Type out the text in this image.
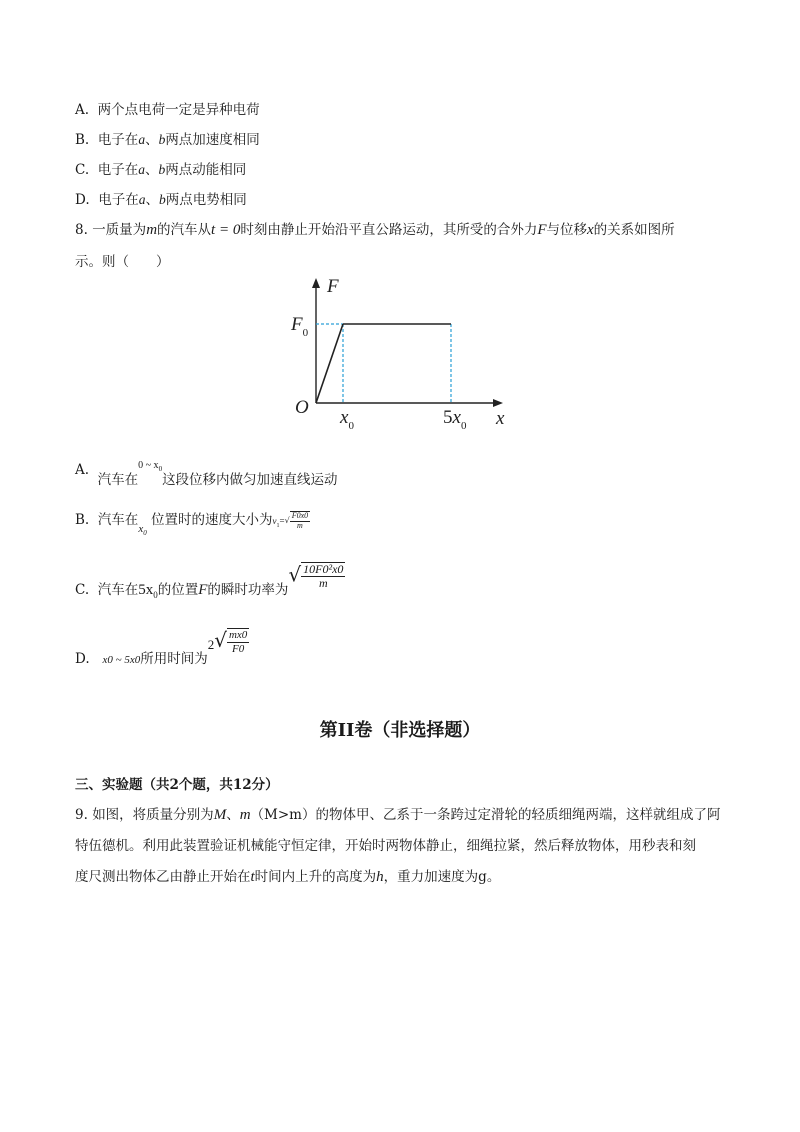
A. 两个点电荷一定是异种电荷
B. 电子在a、b两点加速度相同
C. 电子在a、b两点动能相同
D. 电子在a、b两点电势相同
8. 一质量为m的汽车从t = 0时刻由静止开始沿平直公路运动，其所受的合外力F与位移x的关系如图所
示。则（　　）
F
x
O
$F_0$
$x_0$	$5x_0$
A.  汽车在$^{0 \sim x_0}$这段位移内做匀加速直线运动
B. 汽车在$_{x_0}$ 位置时的速度大小为$v_1=√ \frac{F0x0}{m}$
C. 汽车在$5x_0$的位置F的瞬时功率为√ $\frac{\text{10F0²x0}}{m}$
D. $_{x0 \sim 5x0}$所用时间为$2√ \frac{mx0}{F0}$
第II卷（非选择题）
三、实验题（共2个题，共12分）
9. 如图，将质量分别为M、m（M>m）的物体甲、乙系于一条跨过定滑轮的轻质细绳两端，这样就组成了阿
特伍德机。利用此装置验证机械能守恒定律，开始时两物体静止，细绳拉紧，然后释放物体，用秒表和刻
度尺测出物体乙由静止开始在t时间内上升的高度为h，重力加速度为g。
